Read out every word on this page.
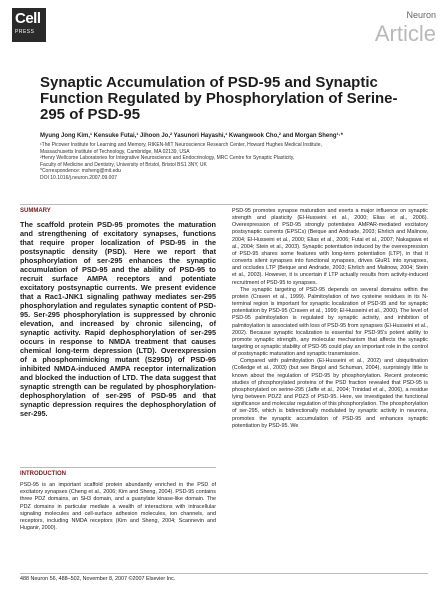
Cell
PRESS
Neuron
Article
Synaptic Accumulation of PSD-95 and Synaptic Function Regulated by Phosphorylation of Serine-295 of PSD-95
Myung Jong Kim,¹ Kensuke Futai,¹ Jihoon Jo,² Yasunori Hayashi,¹ Kwangwook Cho,² and Morgan Sheng¹·*
¹The Picower Institute for Learning and Memory, RIKEN-MIT Neuroscience Research Center, Howard Hughes Medical Institute,
Massachusetts Institute of Technology, Cambridge, MA 02139, USA
²Henry Wellcome Laboratories for Integrative Neuroscience and Endocrinology, MRC Centre for Synaptic Plasticity,
Faculty of Medicine and Dentistry, University of Bristol, Bristol BS1 3NY, UK
*Correspondence: msheng@mit.edu
DOI 10.1016/j.neuron.2007.09.007
SUMMARY
The scaffold protein PSD-95 promotes the maturation and strengthening of excitatory synapses, functions that require proper localization of PSD-95 in the postsynaptic density (PSD). Here we report that phosphorylation of ser-295 enhances the synaptic accumulation of PSD-95 and the ability of PSD-95 to recruit surface AMPA receptors and potentiate excitatory postsynaptic currents. We present evidence that a Rac1-JNK1 signaling pathway mediates ser-295 phosphorylation and regulates synaptic content of PSD-95. Ser-295 phosphorylation is suppressed by chronic elevation, and increased by chronic silencing, of synaptic activity. Rapid dephosphorylation of ser-295 occurs in response to NMDA treatment that causes chemical long-term depression (LTD). Overexpression of a phosphomimicking mutant (S295D) of PSD-95 inhibited NMDA-induced AMPA receptor internalization and blocked the induction of LTD. The data suggest that synaptic strength can be regulated by phosphorylation-dephosphorylation of ser-295 of PSD-95 and that synaptic depression requires the dephosphorylation of ser-295.
INTRODUCTION
PSD-95 is an important scaffold protein abundantly enriched in the PSD of excitatory synapses (Cheng et al., 2006; Kim and Sheng, 2004). PSD-95 contains three PDZ domains, an SH3 domain, and a guanylate kinase-like domain. The PDZ domains in particular mediate a wealth of interactions with intracellular signaling molecules and cell-surface adhesion molecules, ion channels, and receptors, including NMDA receptors (Kim and Sheng, 2004; Scannevin and Huganir, 2000).

PSD-95 promotes synapse maturation and exerts a major influence on synaptic strength and plasticity (El-Husseini et al., 2000; Elias et al., 2006). Overexpression of PSD-95 strongly potentiates AMPAR-mediated excitatory postsynaptic currents (EPSCs) (Beique and Andrade, 2003; Ehrlich and Malinow, 2004; El-Husseini et al., 2000; Elias et al., 2006; Futai et al., 2007; Nakagawa et al., 2004; Stein et al., 2003). Synaptic potentiation induced by the overexpression of PSD-95 shares some features with long-term potentiation (LTP), in that it converts silent synapses into functional synapses, drives GluR1 into synapses, and occludes LTP (Beique and Andrade, 2003; Ehrlich and Malinow, 2004; Stein et al., 2003). However, it is uncertain if LTP actually results from activity-induced recruitment of PSD-95 to synapses.

The synaptic targeting of PSD-95 depends on several domains within the protein (Craven et al., 1999). Palmitoylation of two cysteine residues in its N-terminal region is important for synaptic localization of PSD-95 and for synaptic potentiation by PSD-95 (Craven et al., 1999; El-Husseini et al., 2000). The level of PSD-95 palmitoylation is regulated by synaptic activity, and inhibition of palmitoylation is associated with loss of PSD-95 from synapses (El-Husseini et al., 2002). Because synaptic localization is essential for PSD-95's potent ability to promote synaptic strength, any molecular mechanism that affects the synaptic targeting or synaptic stability of PSD-95 could play an important role in the control of postsynaptic maturation and synaptic transmission.

Compared with palmitoylation (El-Husseini et al., 2002) and ubiquitination (Colledge et al., 2003) (but see Bingol and Schuman, 2004), surprisingly little is known about the regulation of PSD-95 by phosphorylation. Recent proteomic studies of phosphorylated proteins of the PSD fraction revealed that PSD-95 is phosphorylated on serine-295 (Jaffe et al., 2004; Trinidad et al., 2006), a residue lying between PDZ2 and PDZ3 of PSD-95. Here, we investigated the functional significance and molecular regulation of this phosphorylation. The phosphorylation of ser-295, which is bidirectionally modulated by synaptic activity in neurons, promotes the synaptic accumulation of PSD-95 and enhances synaptic potentiation by PSD-95. We

488 Neuron 56, 488–502, November 8, 2007 ©2007 Elsevier Inc.
